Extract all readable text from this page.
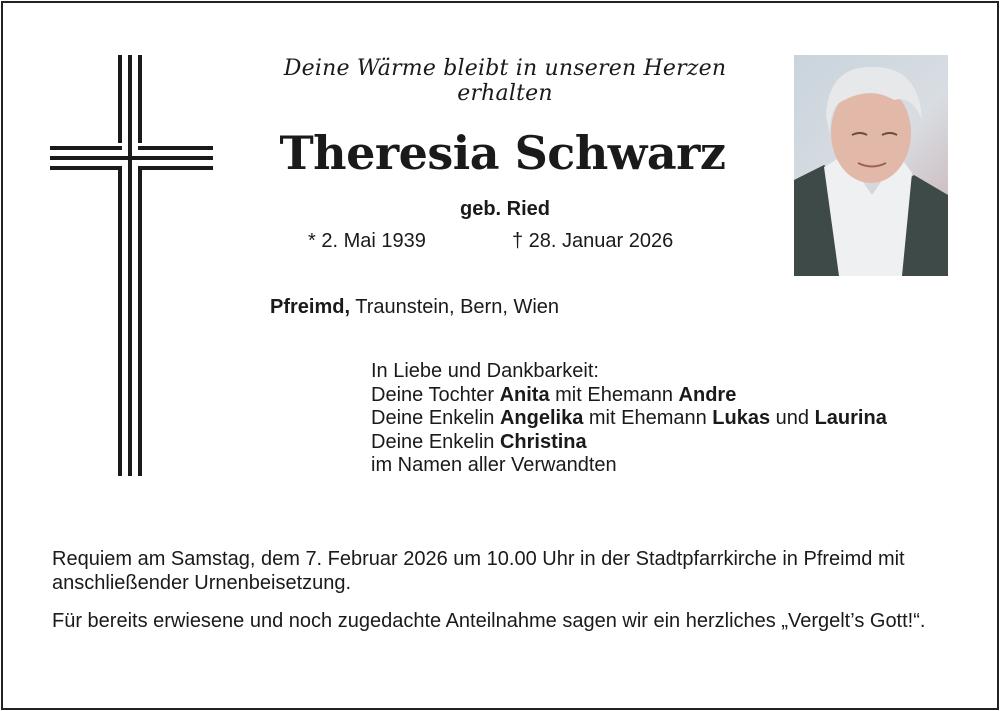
Deine Wärme bleibt in unseren Herzen erhalten
Theresia Schwarz
geb. Ried
* 2. Mai 1939	† 28. Januar 2026
Pfreimd, Traunstein, Bern, Wien
In Liebe und Dankbarkeit:
Deine Tochter Anita mit Ehemann Andre
Deine Enkelin Angelika mit Ehemann Lukas und Laurina
Deine Enkelin Christina
im Namen aller Verwandten
Requiem am Samstag, dem 7. Februar 2026 um 10.00 Uhr in der Stadtpfarrkirche in Pfreimd mit anschließender Urnenbeisetzung.
Für bereits erwiesene und noch zugedachte Anteilnahme sagen wir ein herzliches „Vergelt’s Gott!“.
